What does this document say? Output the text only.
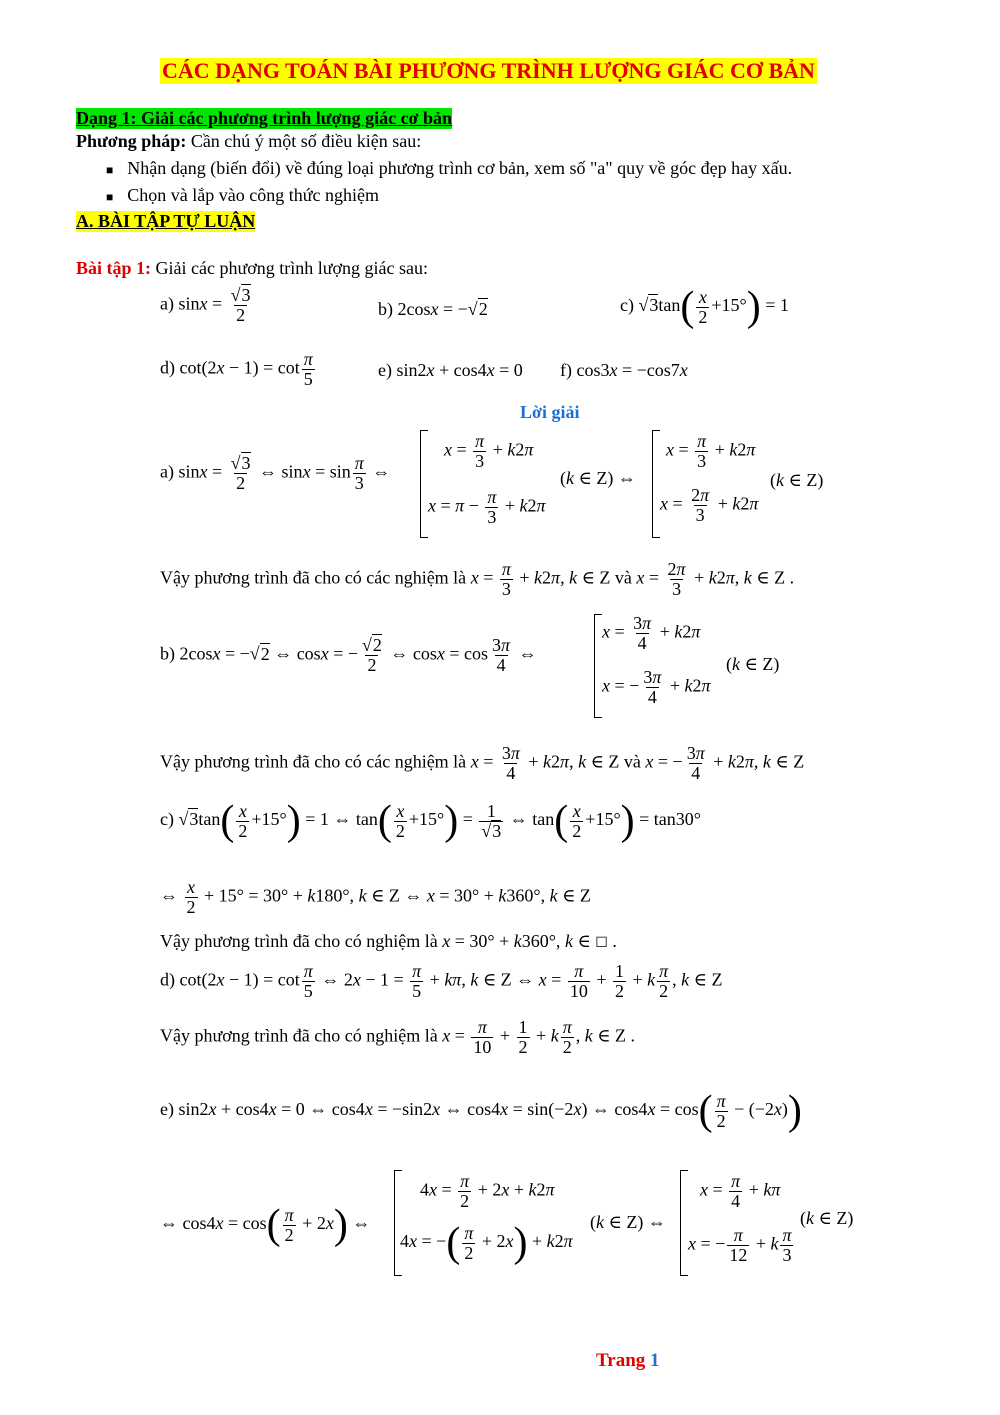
CÁC DẠNG TOÁN BÀI PHƯƠNG TRÌNH LƯỢNG GIÁC CƠ BẢN
Dạng 1: Giải các phương trình lượng giác cơ bản
Phương pháp: Cần chú ý một số điều kiện sau:
■ Nhận dạng (biến đổi) về đúng loại phương trình cơ bản, xem số "a" quy về góc đẹp hay xấu.
■ Chọn và lắp vào công thức nghiệm
A. BÀI TẬP TỰ LUẬN
Bài tập 1: Giải các phương trình lượng giác sau:
a) $\sin x = \frac{√3}{2}$	b) 2cosx = −√2	c) $√3\tan( \frac{x}{2} +15^\circ) = 1$
d) $\cot(2x - 1) = \cot \frac{\pi}{5}$	e) sin2x + cos4x = 0 f) cos3x = −cos7x
Lời giải
a) $\sin x = \frac{√3}{2}$ ⇔ $\sin x = \sin \frac{\pi}{3}$ ⇔
$x = \frac{\pi}{3} + k2\pi$
$x = \pi - \frac{\pi}{3} + k2\pi$
(k ∈ Z) ⇔
$x = \frac{\pi}{3} + k2\pi$
$x = \frac{2\pi}{3} + k2\pi$
(k ∈ Z)
Vậy phương trình đã cho có các nghiệm là $x = \frac{\pi}{3} + k2\pi$, k ∈ Z và $x = \frac{2\pi}{3} + k2\pi$, k ∈ Z .
b) 2cosx = −√2 ⇔ cosx = − $\frac{√2}{2}$ ⇔ $\cos x = \cos \frac{3\pi}{4}$ ⇔
$x = \frac{3\pi}{4} + k2\pi$
x = − $\frac{3\pi}{4} + k2\pi$
(k ∈ Z)
Vậy phương trình đã cho có các nghiệm là $x = \frac{3\pi}{4} + k2\pi$, k ∈ Z và x = − $\frac{3\pi}{4} + k2\pi$, k ∈ Z
c) $√3\tan( \frac{x}{2} +15^\circ) = 1$ ⇔ $\tan( \frac{x}{2} +15^\circ) = \frac{1}{√3}$ ⇔ $\tan( \frac{x}{2} +15^\circ) = \tan 30^\circ$
⇔ $\frac{x}{2} + 15^\circ = 30^\circ + k180^\circ$, k ∈ Z ⇔ x = 30° + k360°, k ∈ Z
Vậy phương trình đã cho có nghiệm là x = 30° + k360°, k ∈ ☐ .
d) $\cot(2x - 1) = \cot \frac{\pi}{5}$ ⇔ $2x - 1 = \frac{\pi}{5} + k\pi$, k ∈ Z ⇔ $x = \frac{\pi}{10} + \frac{1}{2} + k \frac{\pi}{2}$ , k ∈ Z
Vậy phương trình đã cho có nghiệm là $x = \frac{\pi}{10} + \frac{1}{2} + k \frac{\pi}{2}$ , k ∈ Z .
e) sin2x + cos4x = 0 ⇔ cos4x = −sin2x ⇔ cos4x = sin(−2x) ⇔ $\cos 4x = \cos( \frac{\pi}{2} - (-2x))$
⇔ $\cos 4x = \cos( \frac{\pi}{2} + 2x)$ ⇔
$4x = \frac{\pi}{2} + 2x + k2\pi$
4x = −( $\frac{\pi}{2} + 2x) + k2\pi$
(k ∈ Z) ⇔
$x = \frac{\pi}{4} + k\pi$
x = − $\frac{\pi}{12} + k \frac{\pi}{3}$
(k ∈ Z)
Trang 1
